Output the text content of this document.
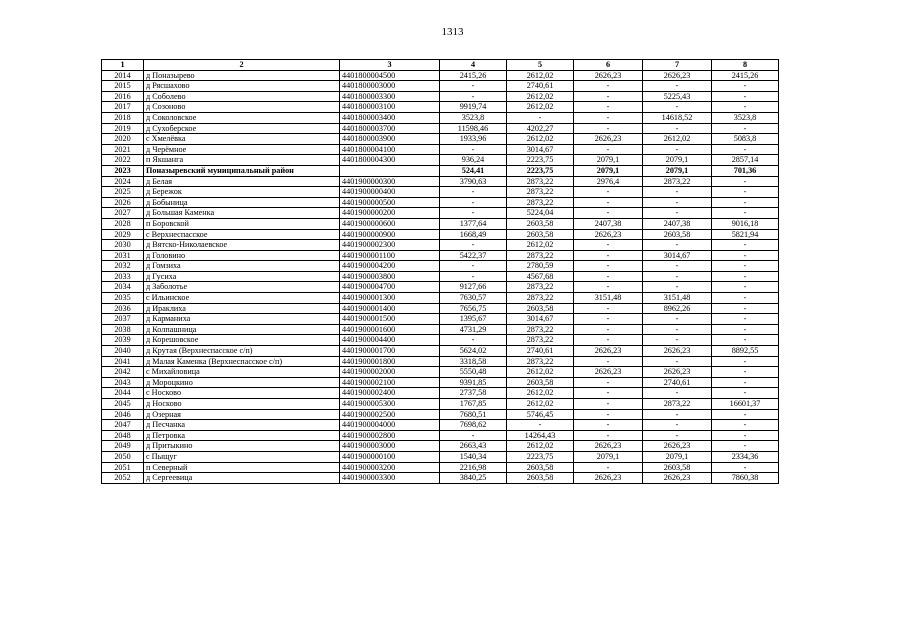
1313
1	2	3	4	5	6	7	8
2014	д Поназырево	4401800004500	2415,26	2612,02	2626,23	2626,23	2415,26
2015	д Рясшахово	4401800003000	-	2740,61	-	-	-
2016	д Соболево	4401800003300	-	2612,02	-	5225,43	-
2017	д Созоново	4401800003100	9919,74	2612,02	-	-	-
2018	д Соколовское	4401800003400	3523,8	-	-	14618,52	3523,8
2019	д Сухоберское	4401800003700	11598,46	4202,27	-	-	-
2020	с Хмелёвка	4401800003900	1933,96	2612,02	2626,23	2612,02	5083,8
2021	д Черёмное	4401800004100	-	3014,67	-	-	-
2022	п Якшанга	4401800004300	936,24	2223,75	2079,1	2079,1	2857,14
2023	Поназыревский муниципальный район		524,41	2223,75	2079,1	2079,1	701,36
2024	д Белая	4401900000300	3790,63	2873,22	2976,4	2873,22	-
2025	д Бережок	4401900000400	-	2873,22	-	-	-
2026	д Бобыница	4401900000500	-	2873,22	-	-	-
2027	д Большая Каменка	4401900000200	-	5224,04	-	-	-
2028	п Боровской	4401900000600	1377,64	2603,58	2407,38	2407,38	9016,18
2029	с Верхнеспасское	4401900000900	1668,49	2603,58	2626,23	2603,58	5821,94
2030	д Вятско-Николаевское	4401900002300	-	2612,02	-	-	-
2031	д Головино	4401900001100	5422,37	2873,22	-	3014,67	-
2032	д Гомзиха	4401900004200	-	2780,59	-	-	-
2033	д Гусиха	4401900003800	-	4567,68	-	-	-
2034	д Заболотье	4401900004700	9127,66	2873,22	-	-	-
2035	с Ильинское	4401900001300	7630,57	2873,22	3151,48	3151,48	-
2036	д Ираклиха	4401900001400	7656,75	2603,58	-	8962,26	-
2037	д Карманиха	4401900001500	1395,67	3014,67	-	-	-
2038	д Колпашница	4401900001600	4731,29	2873,22	-	-	-
2039	д Корешовское	4401900004400	-	2873,22	-	-	-
2040	д Крутая (Верхнеспасское с/п)	4401900001700	5624,02	2740,61	2626,23	2626,23	8892,55
2041	д Малая Каменка (Верхнеспасское с/п)	4401900001800	3318,58	2873,22	-	-	-
2042	с Михайловица	4401900002000	5550,48	2612,02	2626,23	2626,23	-
2043	д Мороцкино	4401900002100	9391,85	2603,58	-	2740,61	-
2044	с Носково	4401900002400	2737,58	2612,02	-	-	-
2045	д Носково	4401900005300	1767,85	2612,02	-	2873,22	16601,37
2046	д Озерная	4401900002500	7680,51	5746,45	-	-	-
2047	д Песчанка	4401900004000	7698,62	-	-	-	-
2048	д Петровка	4401900002800	-	14264,43	-	-	-
2049	д Притыкино	4401900003000	2663,43	2612,02	2626,23	2626,23	-
2050	с Пыщуг	4401900000100	1540,34	2223,75	2079,1	2079,1	2334,36
2051	п Северный	4401900003200	2216,98	2603,58	-	2603,58	-
2052	д Сергеевица	4401900003300	3840,25	2603,58	2626,23	2626,23	7860,38
